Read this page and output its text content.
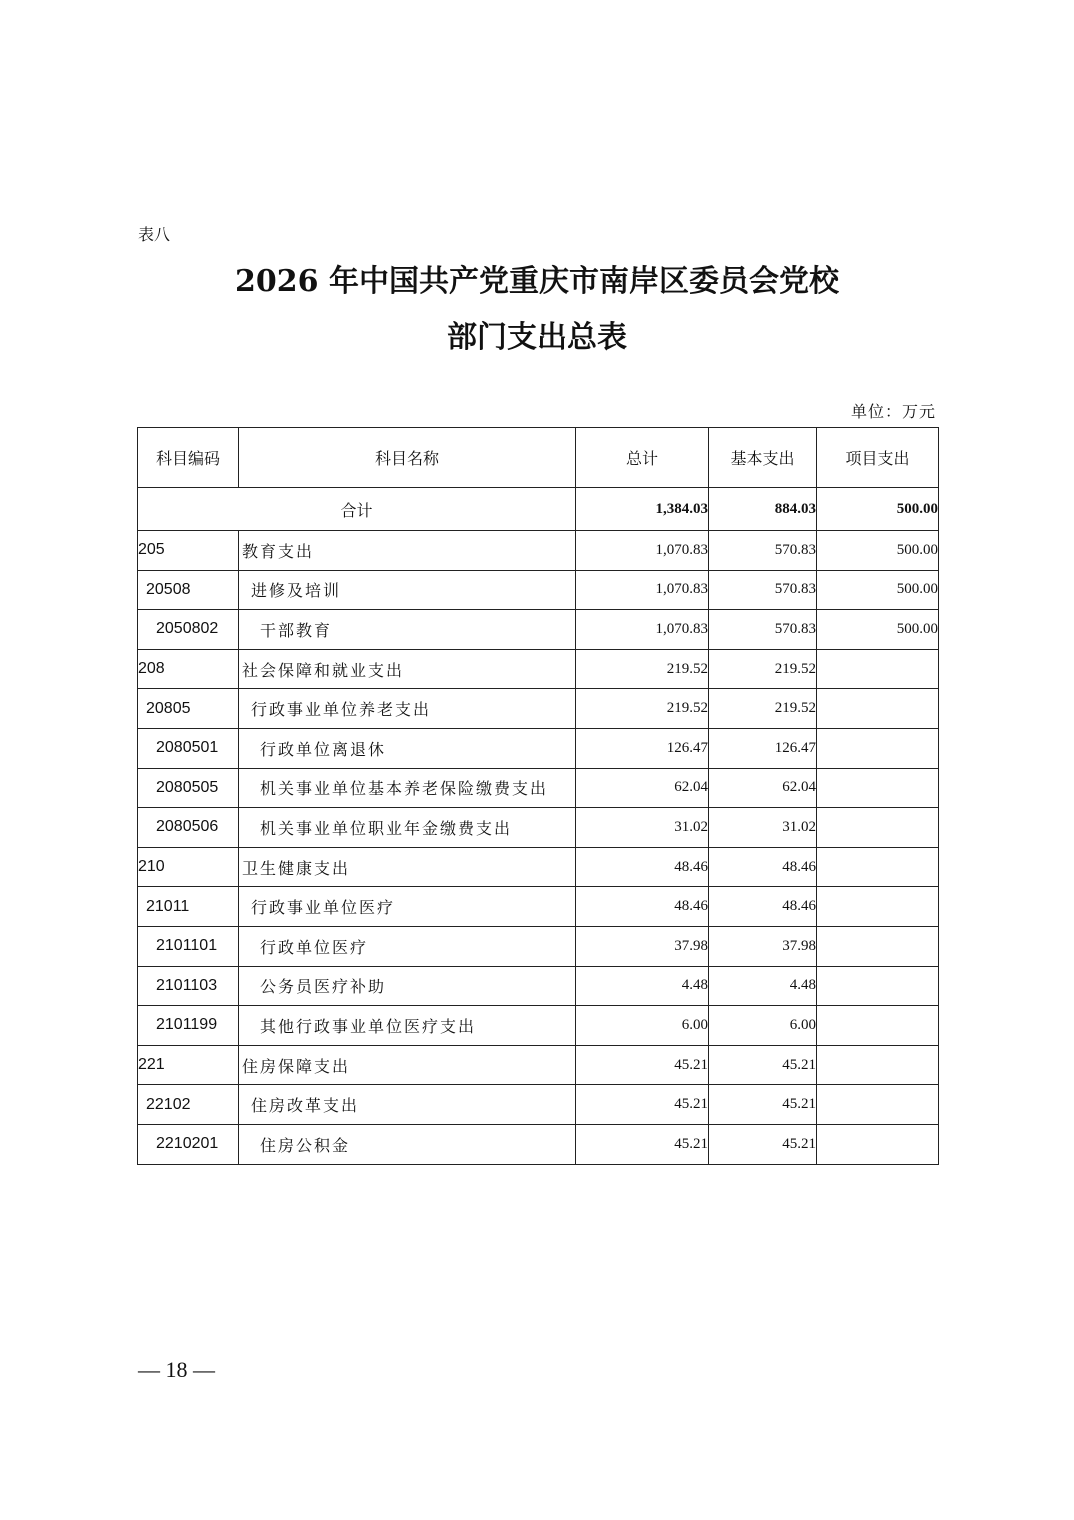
表八
2026 年中国共产党重庆市南岸区委员会党校
部门支出总表
单位：万元
科目编码	科目名称	总计	基本支出	项目支出
合计		1,384.03	884.03	500.00
205	教育支出	1,070.83	570.83	500.00
20508	进修及培训	1,070.83	570.83	500.00
2050802	干部教育	1,070.83	570.83	500.00
208	社会保障和就业支出	219.52	219.52	
20805	行政事业单位养老支出	219.52	219.52	
2080501	行政单位离退休	126.47	126.47	
2080505	机关事业单位基本养老保险缴费支出	62.04	62.04	
2080506	机关事业单位职业年金缴费支出	31.02	31.02	
210	卫生健康支出	48.46	48.46	
21011	行政事业单位医疗	48.46	48.46	
2101101	行政单位医疗	37.98	37.98	
2101103	公务员医疗补助	4.48	4.48	
2101199	其他行政事业单位医疗支出	6.00	6.00	
221	住房保障支出	45.21	45.21	
22102	住房改革支出	45.21	45.21	
2210201	住房公积金	45.21	45.21	
— 18 —
